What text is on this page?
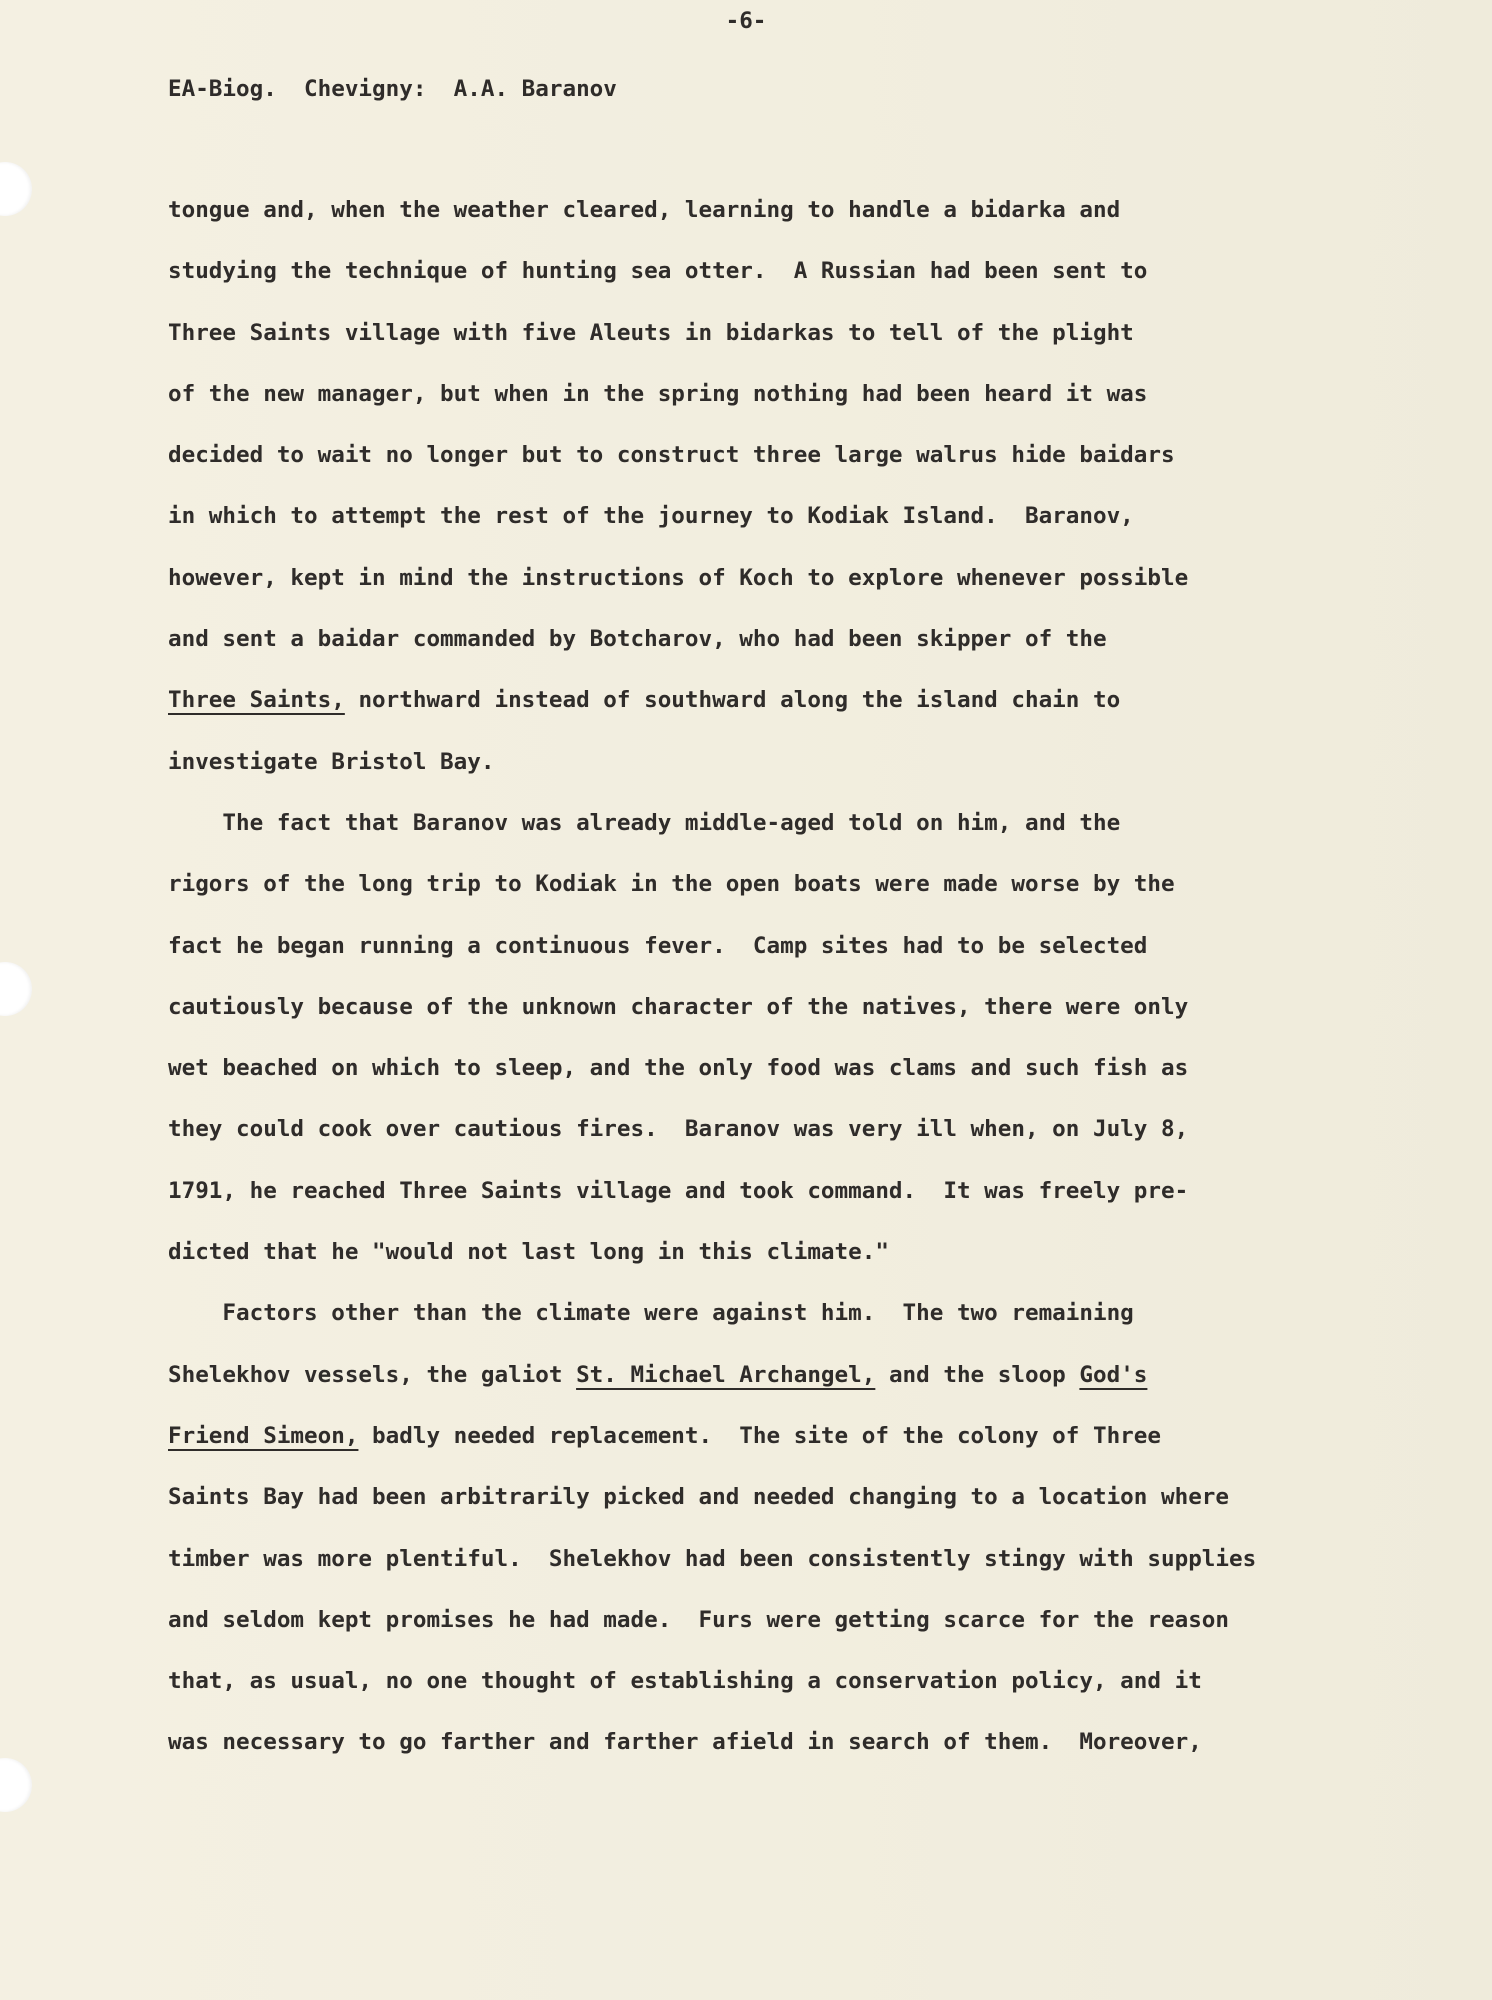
-6-
EA-Biog.  Chevigny:  A.A. Baranov
tongue and, when the weather cleared, learning to handle a bidarka and
studying the technique of hunting sea otter.  A Russian had been sent to
Three Saints village with five Aleuts in bidarkas to tell of the plight
of the new manager, but when in the spring nothing had been heard it was
decided to wait no longer but to construct three large walrus hide baidars
in which to attempt the rest of the journey to Kodiak Island.  Baranov,
however, kept in mind the instructions of Koch to explore whenever possible
and sent a baidar commanded by Botcharov, who had been skipper of the
Three Saints, northward instead of southward along the island chain to
investigate Bristol Bay.
The fact that Baranov was already middle-aged told on him, and the
rigors of the long trip to Kodiak in the open boats were made worse by the
fact he began running a continuous fever.  Camp sites had to be selected
cautiously because of the unknown character of the natives, there were only
wet beached on which to sleep, and the only food was clams and such fish as
they could cook over cautious fires.  Baranov was very ill when, on July 8,
1791, he reached Three Saints village and took command.  It was freely pre-
dicted that he "would not last long in this climate."
Factors other than the climate were against him.  The two remaining
Shelekhov vessels, the galiot St. Michael Archangel, and the sloop God's
Friend Simeon, badly needed replacement.  The site of the colony of Three
Saints Bay had been arbitrarily picked and needed changing to a location where
timber was more plentiful.  Shelekhov had been consistently stingy with supplies
and seldom kept promises he had made.  Furs were getting scarce for the reason
that, as usual, no one thought of establishing a conservation policy, and it
was necessary to go farther and farther afield in search of them.  Moreover,
